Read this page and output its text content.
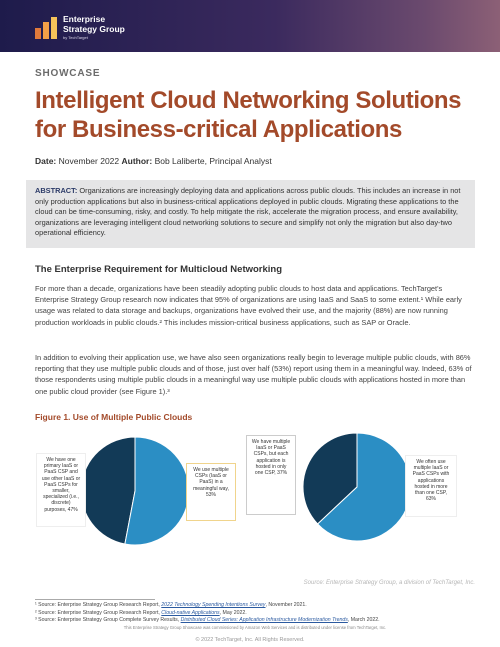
Enterprise
Strategy Group
by TechTarget
SHOWCASE
Intelligent Cloud Networking Solutions for Business-critical Applications
Date: November 2022 Author: Bob Laliberte, Principal Analyst
ABSTRACT: Organizations are increasingly deploying data and applications across public clouds. This includes an increase in not only production applications but also in business-critical applications deployed in public clouds. Migrating these applications to the cloud can be time-consuming, risky, and costly. To help mitigate the risk, accelerate the migration process, and ensure availability, organizations are leveraging intelligent cloud networking solutions to secure and simplify not only the migration but also day-two operational efficiency.
The Enterprise Requirement for Multicloud Networking
For more than a decade, organizations have been steadily adopting public clouds to host data and applications. TechTarget's Enterprise Strategy Group research now indicates that 95% of organizations are using IaaS and SaaS to some extent.¹ While early usage was related to data storage and backups, organizations have evolved their use, and the majority (88%) are now running production workloads in public clouds.² This includes mission-critical business applications, such as SAP or Oracle.
In addition to evolving their application use, we have also seen organizations really begin to leverage multiple public clouds, with 86% reporting that they use multiple public clouds and of those, just over half (53%) report using them in a meaningful way. Indeed, 63% of those respondents using multiple public clouds in a meaningful way use multiple public clouds with applications hosted in more than one public cloud provider (see Figure 1).³
Figure 1. Use of Multiple Public Clouds
We have one primary IaaS or PaaS CSP and use other IaaS or PaaS CSPs for smaller, specialized (i.e., discrete) purposes, 47%
We use multiple CSPs (IaaS or PaaS) in a meaningful way, 53%
We have multiple IaaS or PaaS CSPs, but each application is hosted in only one CSP, 37%
We often use multiple IaaS or PaaS CSPs with applications hosted in more than one CSP, 63%
Source: Enterprise Strategy Group, a division of TechTarget, Inc.
¹ Source: Enterprise Strategy Group Research Report, 2022 Technology Spending Intentions Survey, November 2021.
² Source: Enterprise Strategy Group Research Report, Cloud-native Applications, May 2022.
³ Source: Enterprise Strategy Group Complete Survey Results, Distributed Cloud Series: Application Infrastructure Modernization Trends, March 2022.
This Enterprise Strategy Group Showcase was commissioned by Amazon Web Services and is distributed under license from TechTarget, Inc.
© 2022 TechTarget, Inc. All Rights Reserved.
